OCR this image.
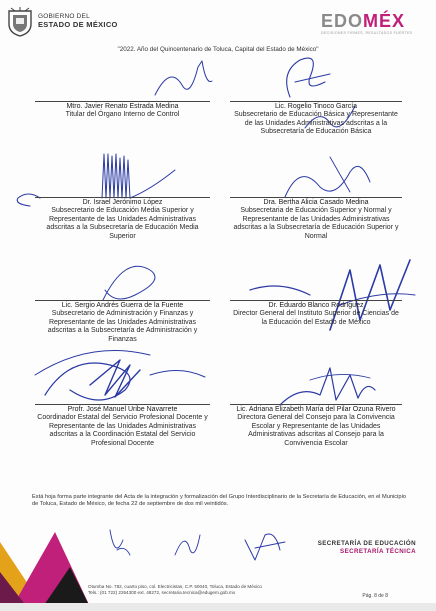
GOBIERNO DEL
ESTADO DE MÉXICO	EDOMÉX
DECISIONES FIRMES, RESULTADOS FUERTES
"2022. Año del Quincentenario de Toluca, Capital del Estado de México"
Mtro. Javier Renato Estrada Medina
Titular del Órgano Interno de Control
Lic. Rogelio Tinoco García
Subsecretario de Educación Básica y Representante de las Unidades Administrativas adscritas a la Subsecretaría de Educación Básica
Dr. Israel Jerónimo López
Subsecretario de Educación Media Superior y Representante de las Unidades Administrativas adscritas a la Subsecretaría de Educación Media Superior
Dra. Bertha Alicia Casado Medina
Subsecretaria de Educación Superior y Normal y Representante de las Unidades Administrativas adscritas a la Subsecretaría de Educación Superior y Normal
Lic. Sergio Andrés Guerra de la Fuente
Subsecretario de Administración y Finanzas y Representante de las Unidades Administrativas adscritas a la Subsecretaría de Administración y Finanzas
Dr. Eduardo Blanco Rodríguez
Director General del Instituto Superior de Ciencias de la Educación del Estado de México
Profr. José Manuel Uribe Navarrete
Coordinador Estatal del Servicio Profesional Docente y Representante de las Unidades Administrativas adscritas a la Coordinación Estatal del Servicio Profesional Docente
Lic. Adriana Elizabeth María del Pilar Ozuna Rivero
Directora General del Consejo para la Convivencia Escolar y Representante de las Unidades Administrativas adscritas al Consejo para la Convivencia Escolar
Está hoja forma parte integrante del Acta de la integración y formalización del Grupo Interdisciplinario de la Secretaría de Educación, en el Municipio de Toluca, Estado de México, de fecha 22 de septiembre de dos mil veintidós.
SECRETARÍA DE EDUCACIÓN
SECRETARÍA TÉCNICA
Otumba No. 782, cuarto piso, col. Electricistas, C.P. 50040, Toluca, Estado de México
Tels.: (01 722) 2264300 ext. 48272, secretaria.tecnica@edugem.gob.mx
Pág. 8 de 8
